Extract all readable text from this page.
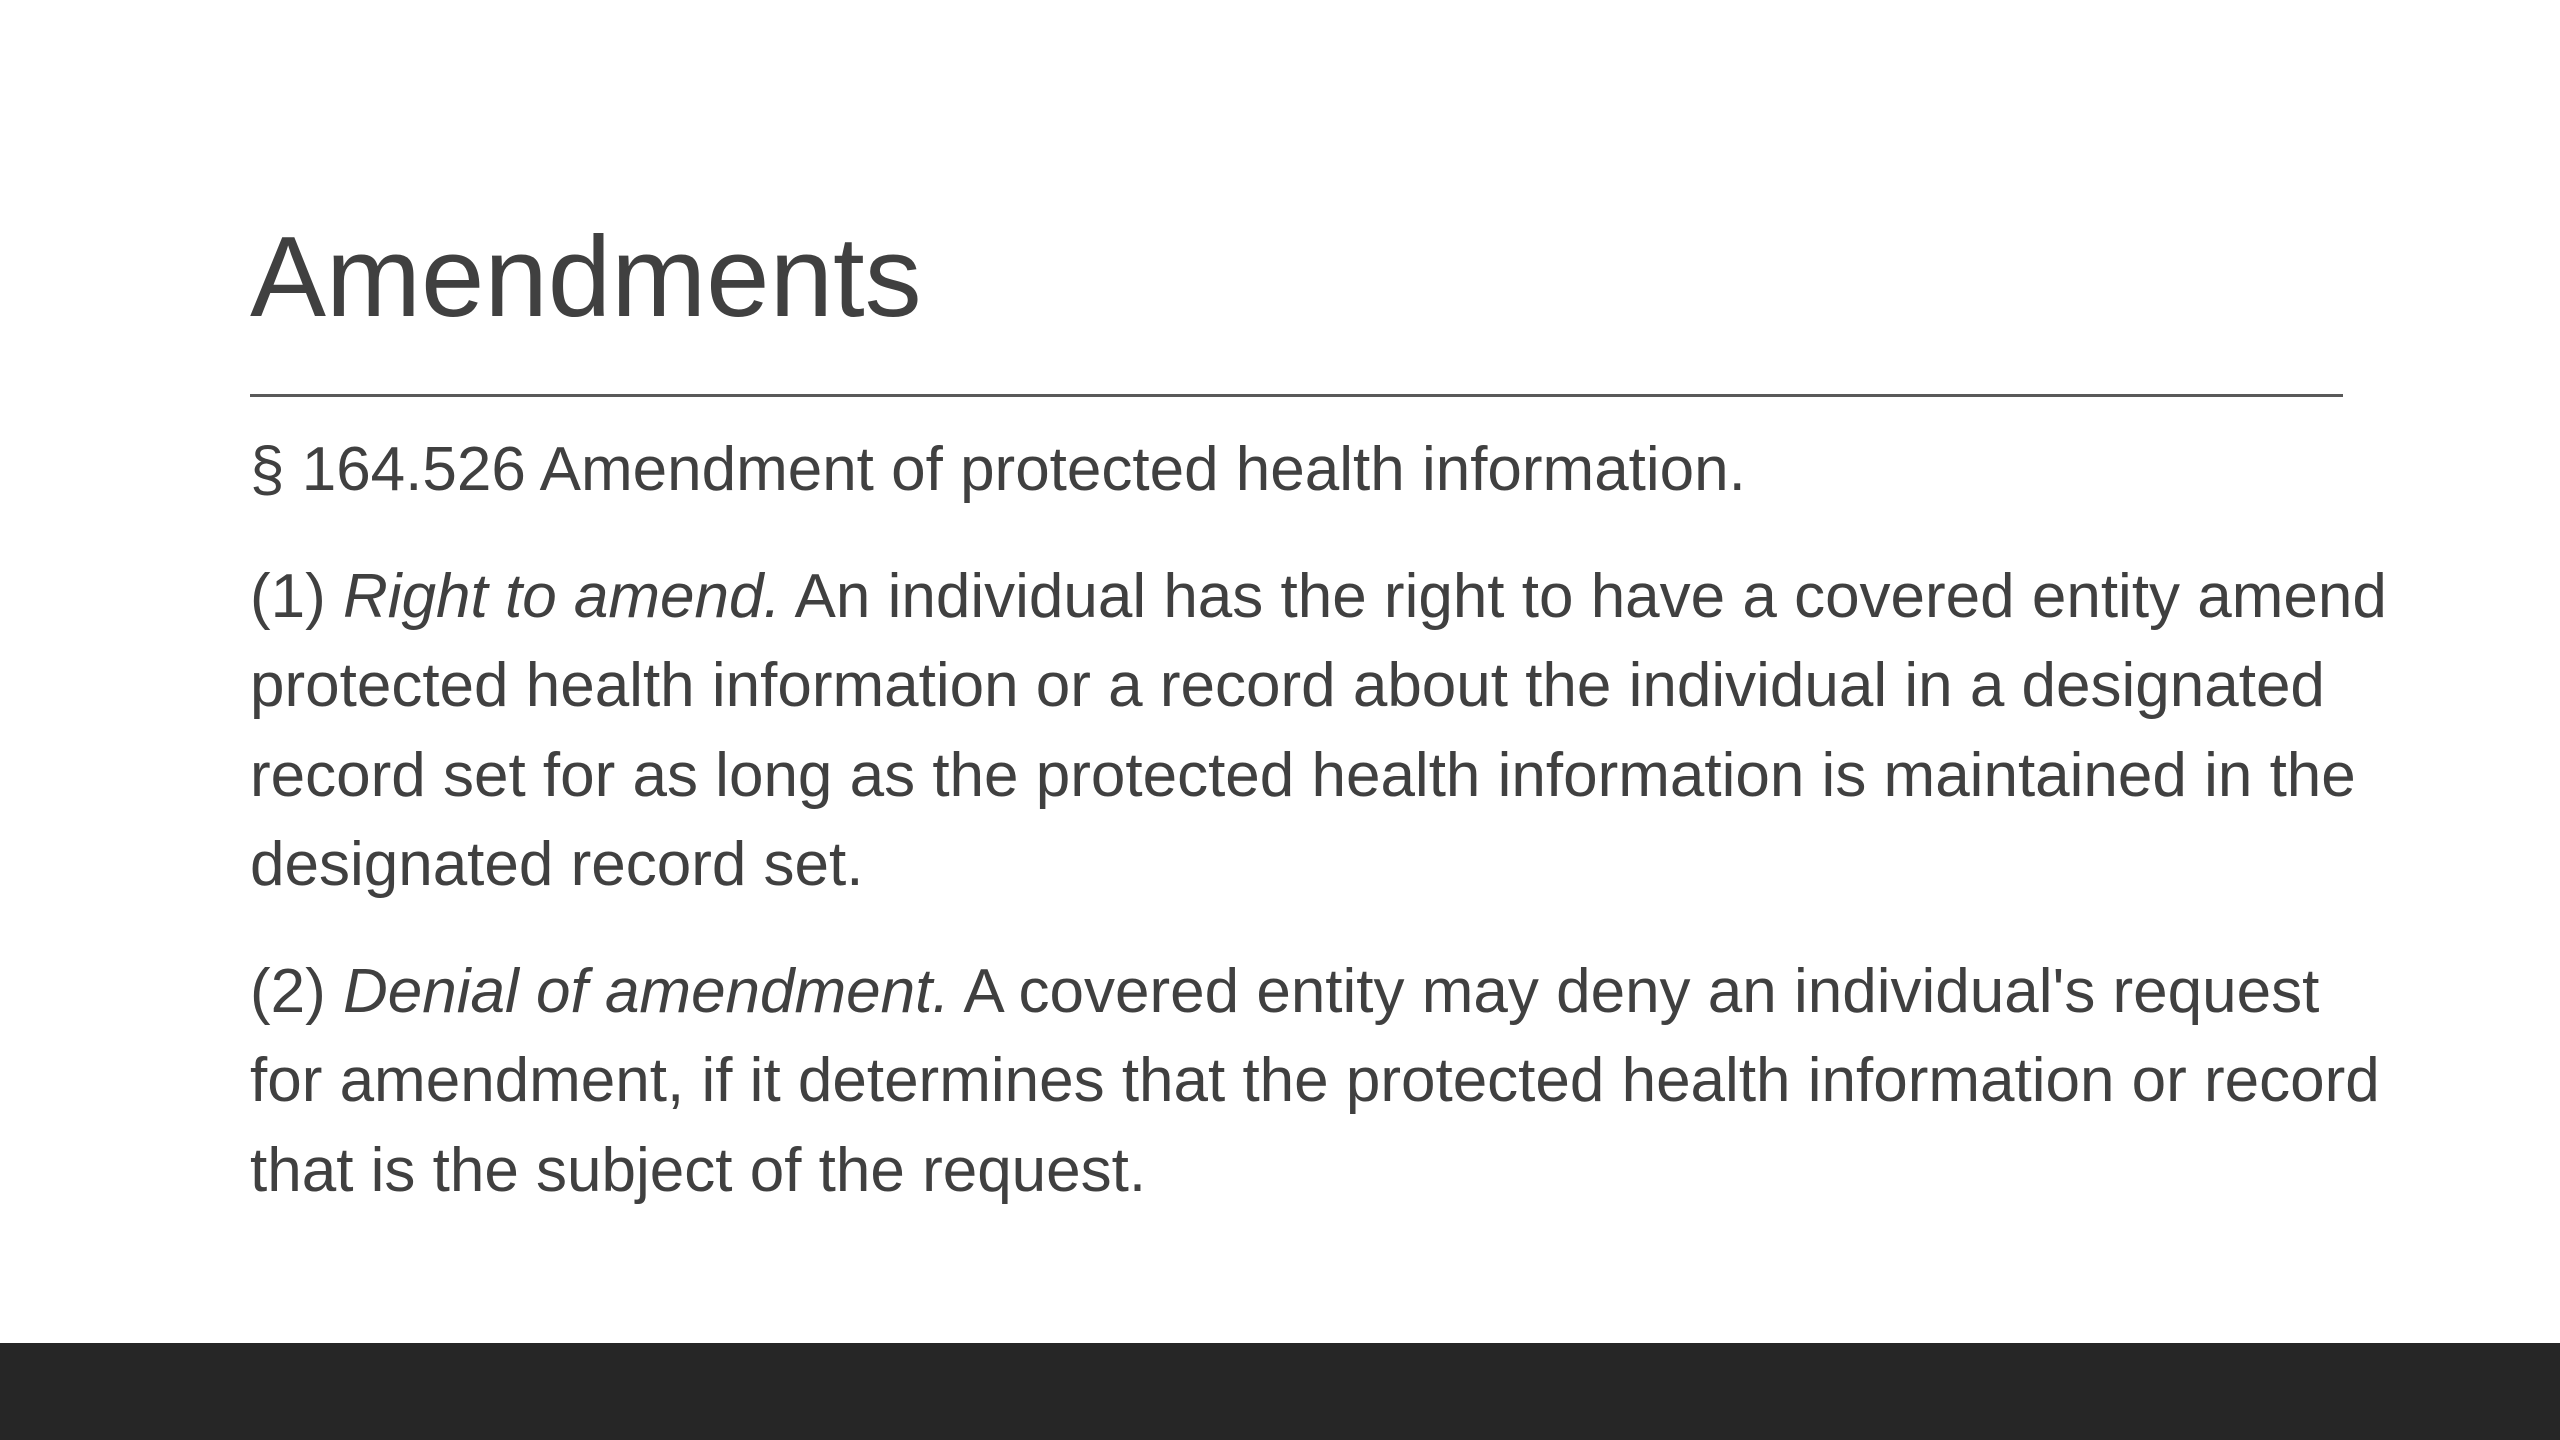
Amendments

§ 164.526 Amendment of protected health information.

(1) Right to amend. An individual has the right to have a covered entity amend protected health information or a record about the individual in a designated record set for as long as the protected health information is maintained in the designated record set.

(2) Denial of amendment. A covered entity may deny an individual's request for amendment, if it determines that the protected health information or record that is the subject of the request.
